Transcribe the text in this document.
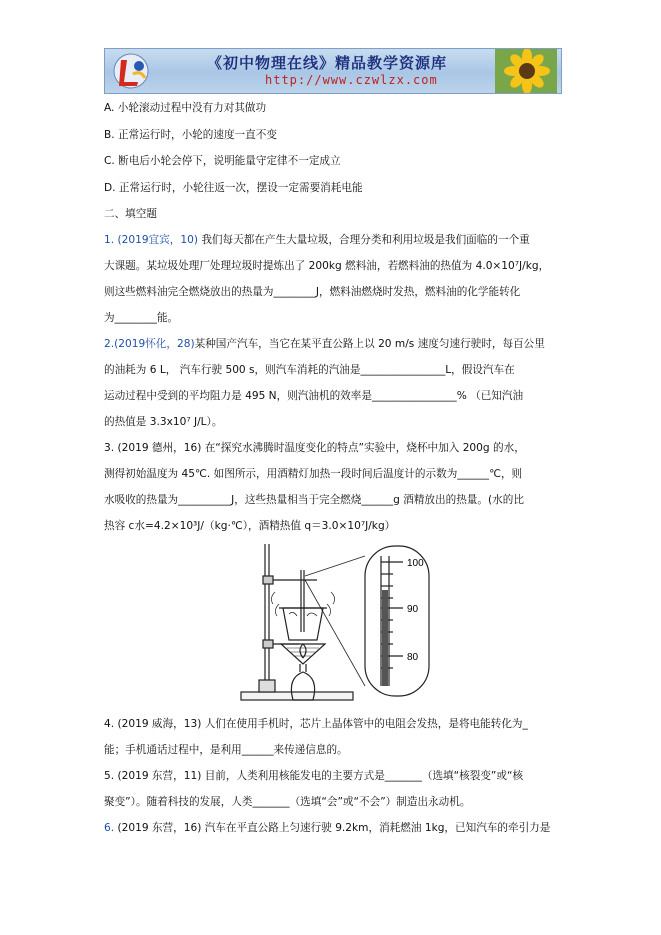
《初中物理在线》精品教学资源库
http://www.czwlzx.com
A. 小轮滚动过程中没有力对其做功
B. 正常运行时，小轮的速度一直不变
C. 断电后小轮会停下，说明能量守定律不一定成立
D. 正常运行时，小轮往返一次，摆设一定需要消耗电能
二、填空题
1. (2019宜宾，10) 我们每天都在产生大量垃圾，合理分类和利用垃圾是我们面临的一个重
大课题。某垃圾处理厂处理垃圾时提炼出了 200kg 燃料油，若燃料油的热值为 4.0×10⁷J/kg，
则这些燃料油完全燃烧放出的热量为________J，燃料油燃烧时发热，燃料油的化学能转化
为________能。
2.(2019怀化，28)某种国产汽车，当它在某平直公路上以 20 m/s 速度匀速行驶时，每百公里
的油耗为 6 L， 汽车行驶 500 s，则汽车消耗的汽油是________________L，假设汽车在
运动过程中受到的平均阻力是 495 N，则汽油机的效率是________________% （已知汽油
的热值是 3.3x10⁷ J/L）。
3. (2019 德州，16) 在“探究水沸腾时温度变化的特点”实验中，烧杯中加入 200g 的水，
测得初始温度为 45℃. 如图所示，用酒精灯加热一段时间后温度计的示数为______℃，则
水吸收的热量为__________J，这些热量相当于完全燃烧______g 酒精放出的热量。(水的比
热容 c水=4.2×10³J/（kg·℃），酒精热值 q＝3.0×10⁷J/kg）
100
90
80
4. (2019 威海，13) 人们在使用手机时，芯片上晶体管中的电阻会发热，是将电能转化为_
能；手机通话过程中，是利用______来传递信息的。
5. (2019 东营，11) 目前，人类利用核能发电的主要方式是_______（选填“核裂变”或“核
聚变”）。随着科技的发展，人类_______（选填“会”或“不会”）制造出永动机。
6. (2019 东营，16) 汽车在平直公路上匀速行驶 9.2km，消耗燃油 1kg，已知汽车的牵引力是
